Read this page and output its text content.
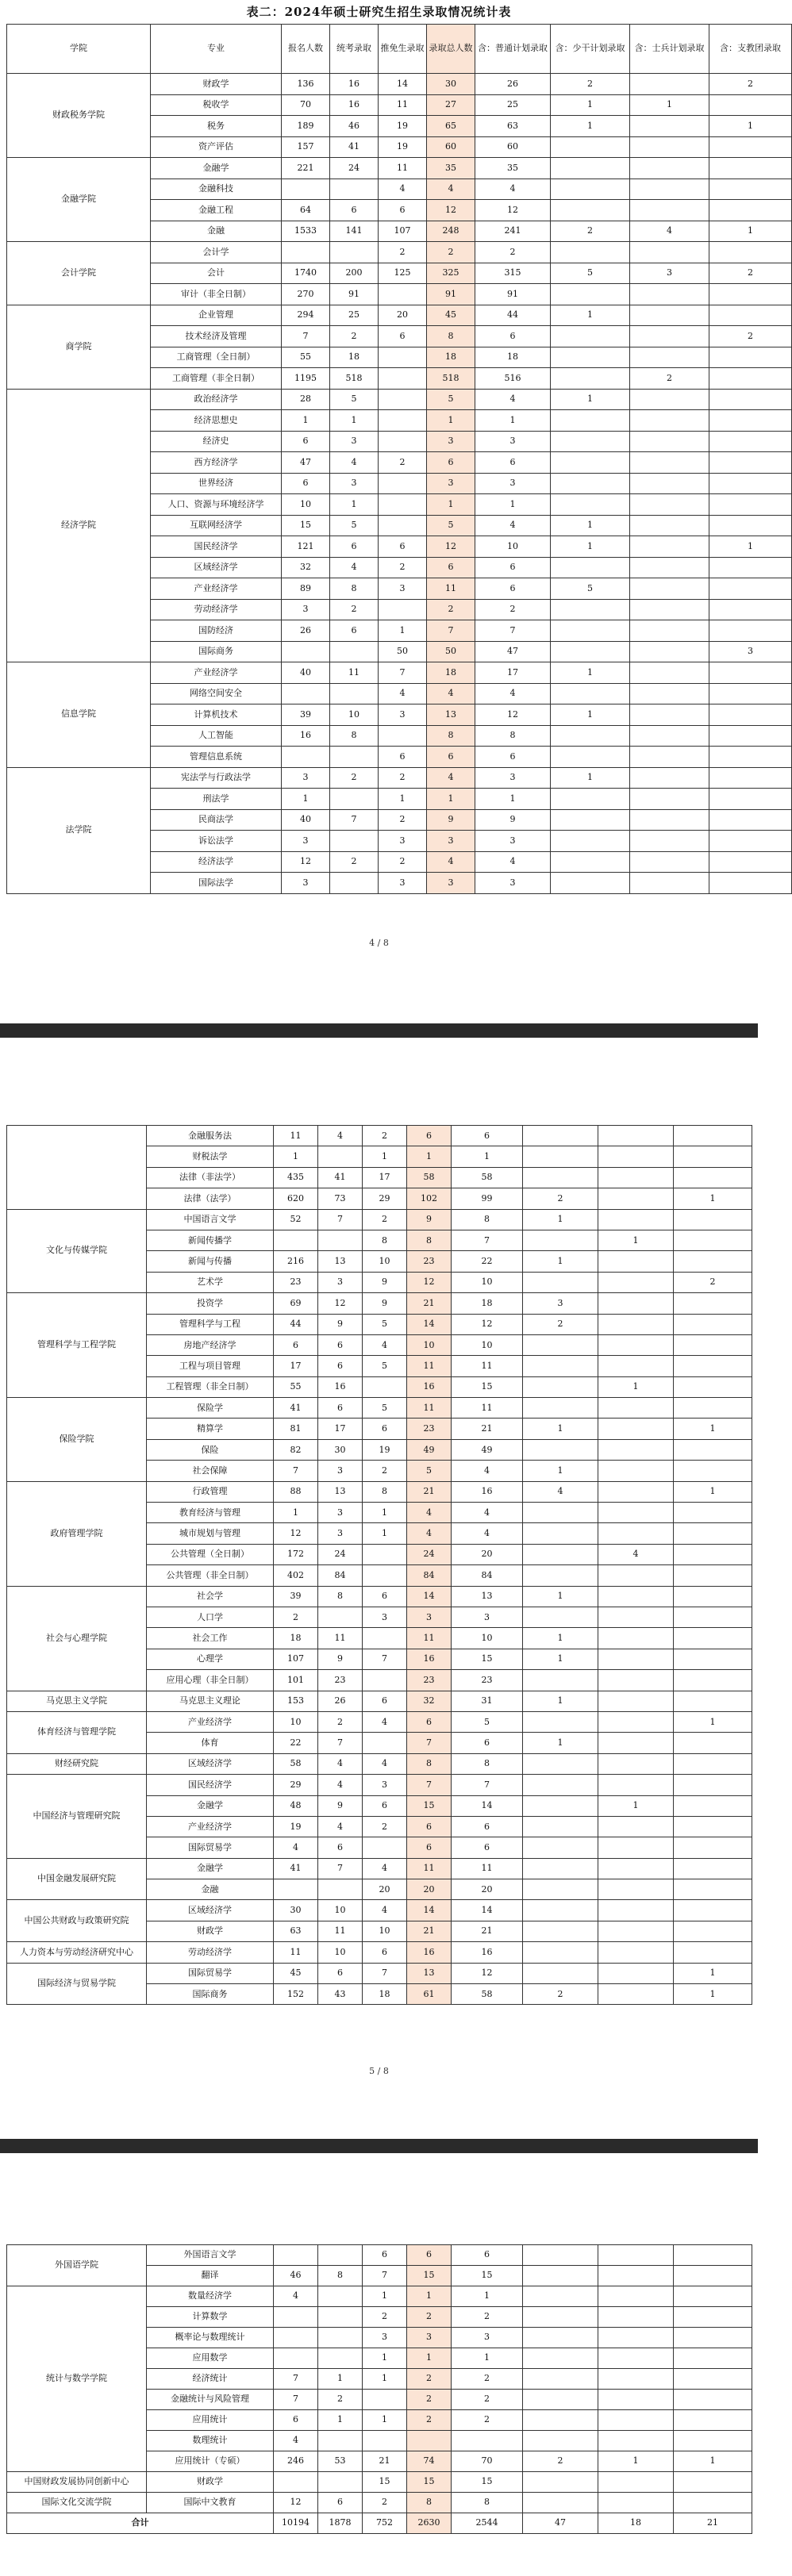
表二：2024年硕士研究生招生录取情况统计表
学院	专业	报名人数	统考录取	推免生录取	录取总人数	含：普通计划录取	含：少干计划录取	含：士兵计划录取	含：支教团录取
财政税务学院	财政学	136	16	14	30	26	2		2
	税收学	70	16	11	27	25	1	1	
	税务	189	46	19	65	63	1		1
	资产评估	157	41	19	60	60			
金融学院	金融学	221	24	11	35	35			
	金融科技			4	4	4			
	金融工程	64	6	6	12	12			
	金融	1533	141	107	248	241	2	4	1
会计学院	会计学			2	2	2			
	会计	1740	200	125	325	315	5	3	2
	审计（非全日制）	270	91		91	91			
商学院	企业管理	294	25	20	45	44	1		
	技术经济及管理	7	2	6	8	6			2
	工商管理（全日制）	55	18		18	18			
	工商管理（非全日制）	1195	518		518	516		2	
经济学院	政治经济学	28	5		5	4	1		
	经济思想史	1	1		1	1			
	经济史	6	3		3	3			
	西方经济学	47	4	2	6	6			
	世界经济	6	3		3	3			
	人口、资源与环境经济学	10	1		1	1			
	互联网经济学	15	5		5	4	1		
	国民经济学	121	6	6	12	10	1		1
	区域经济学	32	4	2	6	6			
	产业经济学	89	8	3	11	6	5		
	劳动经济学	3	2		2	2			
	国防经济	26	6	1	7	7			
	国际商务			50	50	47			3
信息学院	产业经济学	40	11	7	18	17	1		
	网络空间安全			4	4	4			
	计算机技术	39	10	3	13	12	1		
	人工智能	16	8		8	8			
	管理信息系统			6	6	6			
法学院	宪法学与行政法学	3	2	2	4	3	1		
	刑法学	1		1	1	1			
	民商法学	40	7	2	9	9			
	诉讼法学	3		3	3	3			
	经济法学	12	2	2	4	4			
	国际法学	3		3	3	3			
4 / 8
	金融服务法	11	4	2	6	6			
	财税法学	1		1	1	1			
	法律（非法学）	435	41	17	58	58			
	法律（法学）	620	73	29	102	99	2		1
文化与传媒学院	中国语言文学	52	7	2	9	8	1		
	新闻传播学			8	8	7		1	
	新闻与传播	216	13	10	23	22	1		
	艺术学	23	3	9	12	10			2
管理科学与工程学院	投资学	69	12	9	21	18	3		
	管理科学与工程	44	9	5	14	12	2		
	房地产经济学	6	6	4	10	10			
	工程与项目管理	17	6	5	11	11			
	工程管理（非全日制）	55	16		16	15		1	
保险学院	保险学	41	6	5	11	11			
	精算学	81	17	6	23	21	1		1
	保险	82	30	19	49	49			
	社会保障	7	3	2	5	4	1		
政府管理学院	行政管理	88	13	8	21	16	4		1
	教育经济与管理	1	3	1	4	4			
	城市规划与管理	12	3	1	4	4			
	公共管理（全日制）	172	24		24	20		4	
	公共管理（非全日制）	402	84		84	84			
社会与心理学院	社会学	39	8	6	14	13	1		
	人口学	2		3	3	3			
	社会工作	18	11		11	10	1		
	心理学	107	9	7	16	15	1		
	应用心理（非全日制）	101	23		23	23			
马克思主义学院	马克思主义理论	153	26	6	32	31	1		
体育经济与管理学院	产业经济学	10	2	4	6	5			1
	体育	22	7		7	6	1		
财经研究院	区域经济学	58	4	4	8	8			
中国经济与管理研究院	国民经济学	29	4	3	7	7			
	金融学	48	9	6	15	14		1	
	产业经济学	19	4	2	6	6			
	国际贸易学	4	6		6	6			
中国金融发展研究院	金融学	41	7	4	11	11			
	金融			20	20	20			
中国公共财政与政策研究院	区域经济学	30	10	4	14	14			
	财政学	63	11	10	21	21			
人力资本与劳动经济研究中心	劳动经济学	11	10	6	16	16			
国际经济与贸易学院	国际贸易学	45	6	7	13	12			1
	国际商务	152	43	18	61	58	2		1
5 / 8
外国语学院	外国语言文学			6	6	6			
	翻译	46	8	7	15	15			
统计与数学学院	数量经济学	4		1	1	1			
	计算数学			2	2	2			
	概率论与数理统计			3	3	3			
	应用数学			1	1	1			
	经济统计	7	1	1	2	2			
	金融统计与风险管理	7	2		2	2			
	应用统计	6	1	1	2	2			
	数理统计	4							
	应用统计（专硕）	246	53	21	74	70	2	1	1
中国财政发展协同创新中心	财政学			15	15	15			
国际文化交流学院	国际中文教育	12	6	2	8	8			
合计		10194	1878	752	2630	2544	47	18	21
